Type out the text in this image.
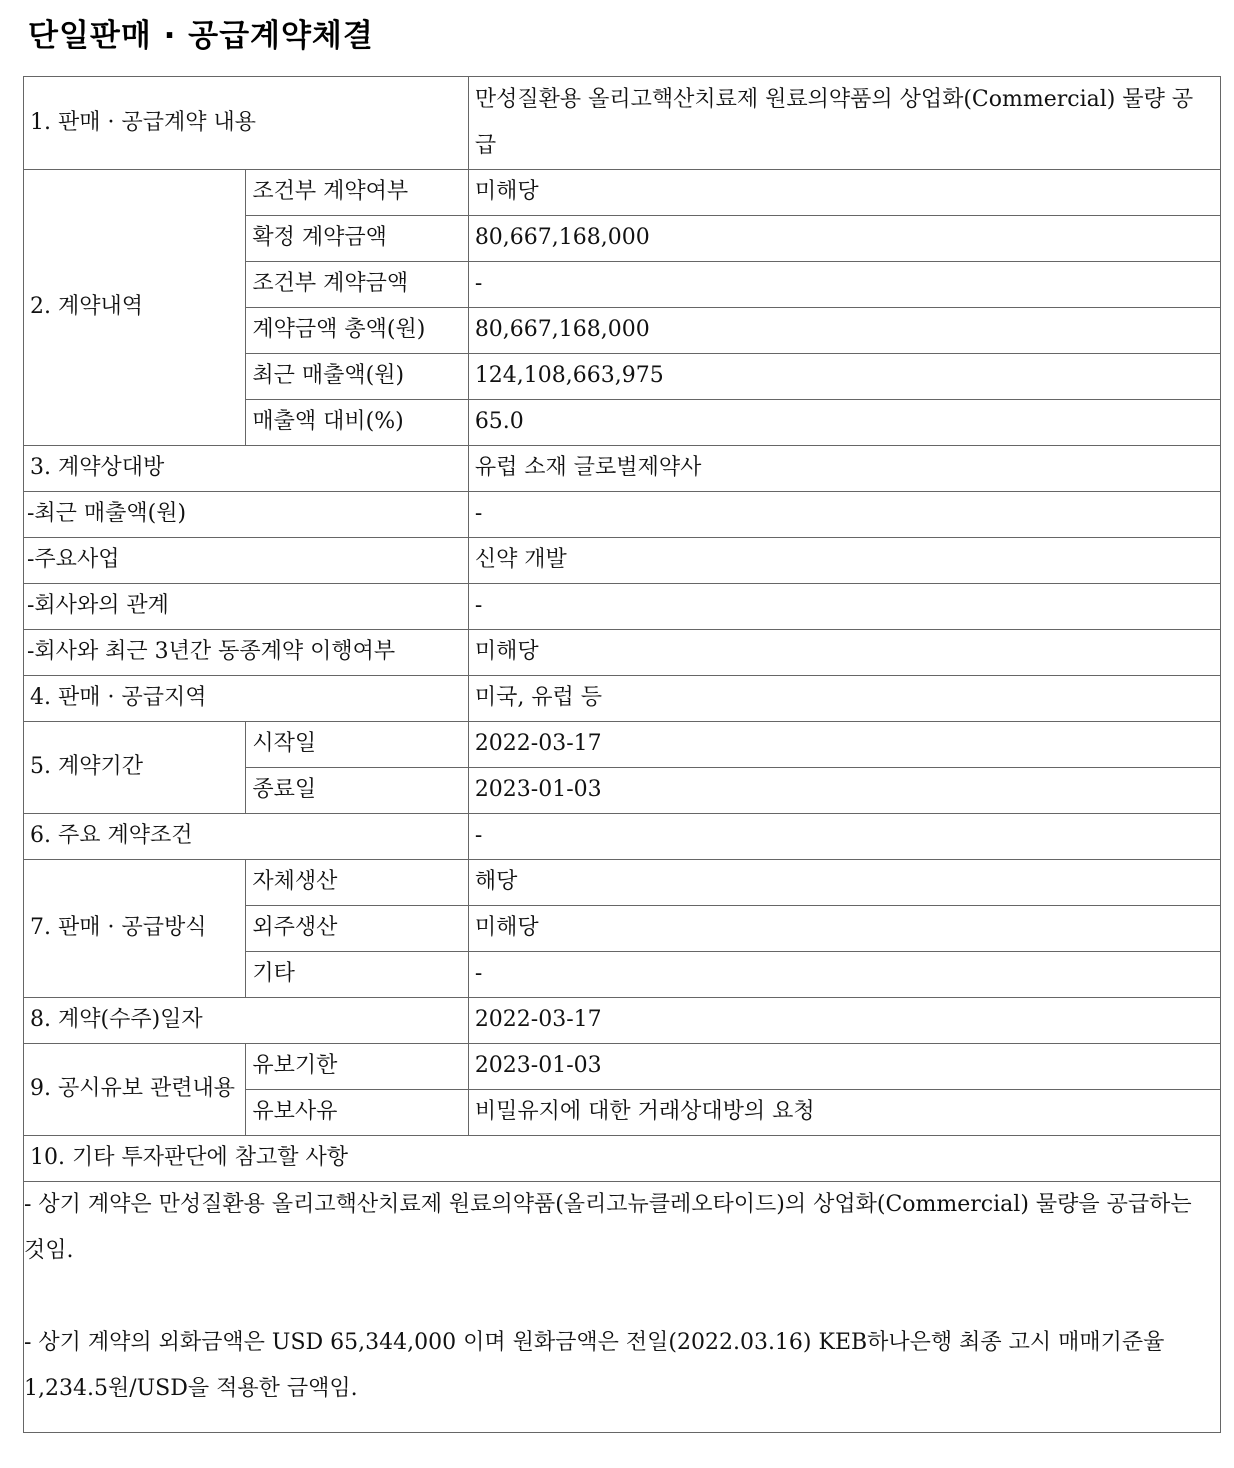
단일판매 · 공급계약체결
1. 판매 · 공급계약 내용		만성질환용 올리고핵산치료제 원료의약품의 상업화(Commercial) 물량 공급
2. 계약내역	조건부 계약여부	미해당
	확정 계약금액	80,667,168,000
	조건부 계약금액	-
	계약금액 총액(원)	80,667,168,000
	최근 매출액(원)	124,108,663,975
	매출액 대비(%)	65.0
3. 계약상대방		유럽 소재 글로벌제약사
-최근 매출액(원)		-
-주요사업		신약 개발
-회사와의 관계		-
-회사와 최근 3년간 동종계약 이행여부		미해당
4. 판매 · 공급지역		미국, 유럽 등
5. 계약기간	시작일	2022-03-17
	종료일	2023-01-03
6. 주요 계약조건		-
7. 판매 · 공급방식	자체생산	해당
	외주생산	미해당
	기타	-
8. 계약(수주)일자		2022-03-17
9. 공시유보 관련내용	유보기한	2023-01-03
	유보사유	비밀유지에 대한 거래상대방의 요청
10. 기타 투자판단에 참고할 사항		

- 상기 계약은 만성질환용 올리고핵산치료제 원료의약품(올리고뉴클레오타이드)의 상업화(Commercial) 물량을 공급하는 것임.

- 상기 계약의 외화금액은 USD 65,344,000 이며 원화금액은 전일(2022.03.16) KEB하나은행 최종 고시 매매기준율 1,234.5원/USD을 적용한 금액임.		
